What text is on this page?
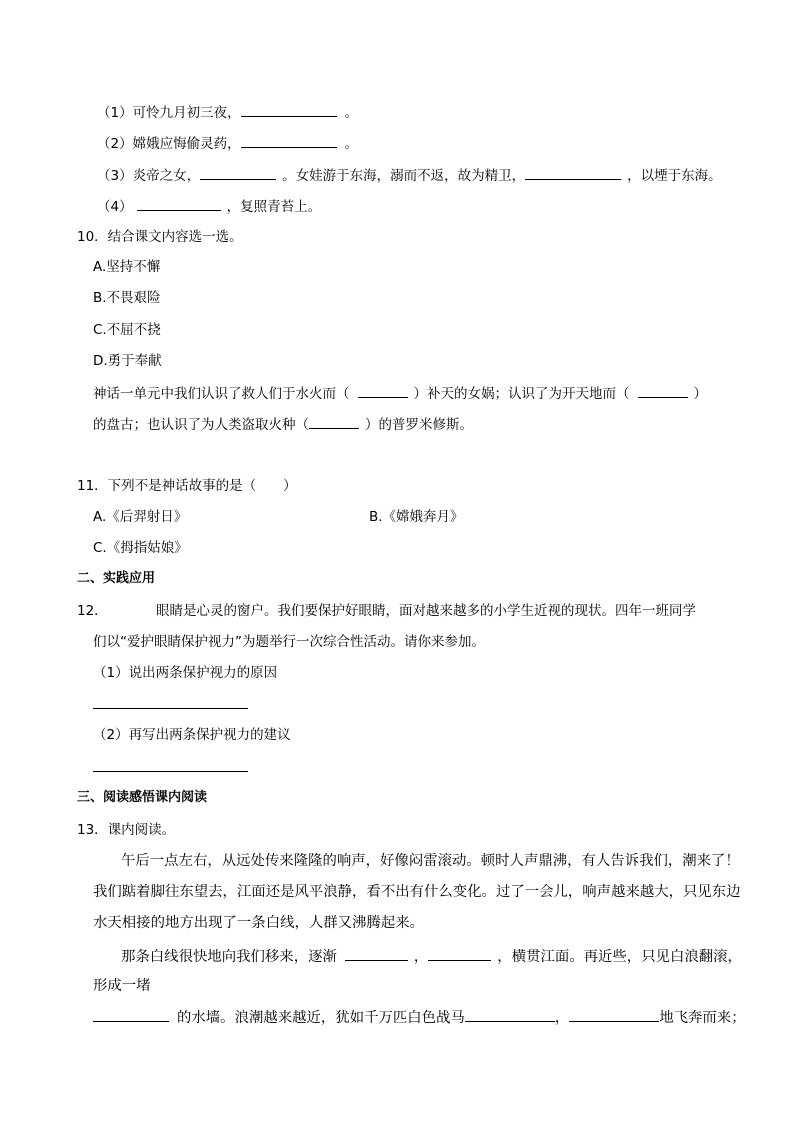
（1）可怜九月初三夜，	。
（2）嫦娥应悔偷灵药，	。
（3）炎帝之女，	。女娃游于东海，溺而不返，故为精卫，	，以堙于东海。
（4）	，复照青苔上。
10．结合课文内容选一选。
A.坚持不懈
B.不畏艰险
C.不屈不挠
D.勇于奉献
神话一单元中我们认识了救人们于水火而（	）补天的女娲；认识了为开天地而（	）
的盘古；也认识了为人类盗取火种（	）的普罗米修斯。
11．下列不是神话故事的是（　　）
A.《后羿射日》	B.《嫦娥奔月》
C.《拇指姑娘》
二、实践应用
12．	眼睛是心灵的窗户。我们要保护好眼睛，面对越来越多的小学生近视的现状。四年一班同学
们以“爱护眼睛保护视力”为题举行一次综合性活动。请你来参加。
（1）说出两条保护视力的原因
（2）再写出两条保护视力的建议
三、阅读感悟课内阅读
13．课内阅读。
午后一点左右，从远处传来隆隆的响声，好像闷雷滚动。顿时人声鼎沸，有人告诉我们，潮来了！
我们踮着脚往东望去，江面还是风平浪静，看不出有什么变化。过了一会儿，响声越来越大，只见东边
水天相接的地方出现了一条白线，人群又沸腾起来。
那条白线很快地向我们移来，逐渐	，	，横贯江面。再近些，只见白浪翻滚，
形成一堵
的水墙。浪潮越来越近，犹如千万匹白色战马	，	地飞奔而来；
